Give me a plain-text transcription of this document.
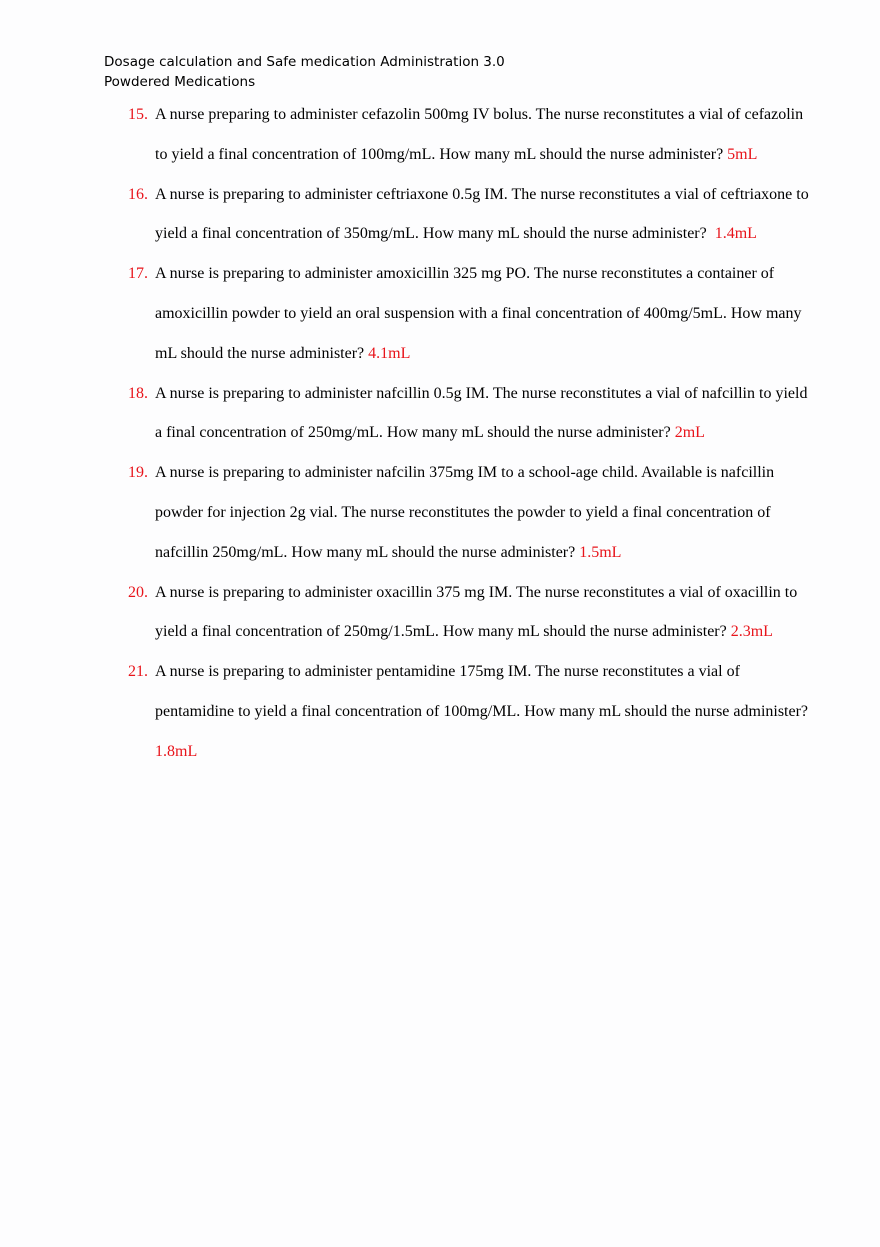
Dosage calculation and Safe medication Administration 3.0
Powdered Medications
15. A nurse preparing to administer cefazolin 500mg IV bolus. The nurse reconstitutes a vial of cefazolin to yield a final concentration of 100mg/mL. How many mL should the nurse administer? 5mL
16. A nurse is preparing to administer ceftriaxone 0.5g IM. The nurse reconstitutes a vial of ceftriaxone to yield a final concentration of 350mg/mL. How many mL should the nurse administer?  1.4mL
17. A nurse is preparing to administer amoxicillin 325 mg PO. The nurse reconstitutes a container of amoxicillin powder to yield an oral suspension with a final concentration of 400mg/5mL. How many mL should the nurse administer? 4.1mL
18. A nurse is preparing to administer nafcillin 0.5g IM. The nurse reconstitutes a vial of nafcillin to yield a final concentration of 250mg/mL. How many mL should the nurse administer? 2mL
19. A nurse is preparing to administer nafcilin 375mg IM to a school-age child. Available is nafcillin powder for injection 2g vial. The nurse reconstitutes the powder to yield a final concentration of nafcillin 250mg/mL. How many mL should the nurse administer? 1.5mL
20. A nurse is preparing to administer oxacillin 375 mg IM. The nurse reconstitutes a vial of oxacillin to yield a final concentration of 250mg/1.5mL. How many mL should the nurse administer? 2.3mL
21. A nurse is preparing to administer pentamidine 175mg IM. The nurse reconstitutes a vial of pentamidine to yield a final concentration of 100mg/ML. How many mL should the nurse administer? 1.8mL
